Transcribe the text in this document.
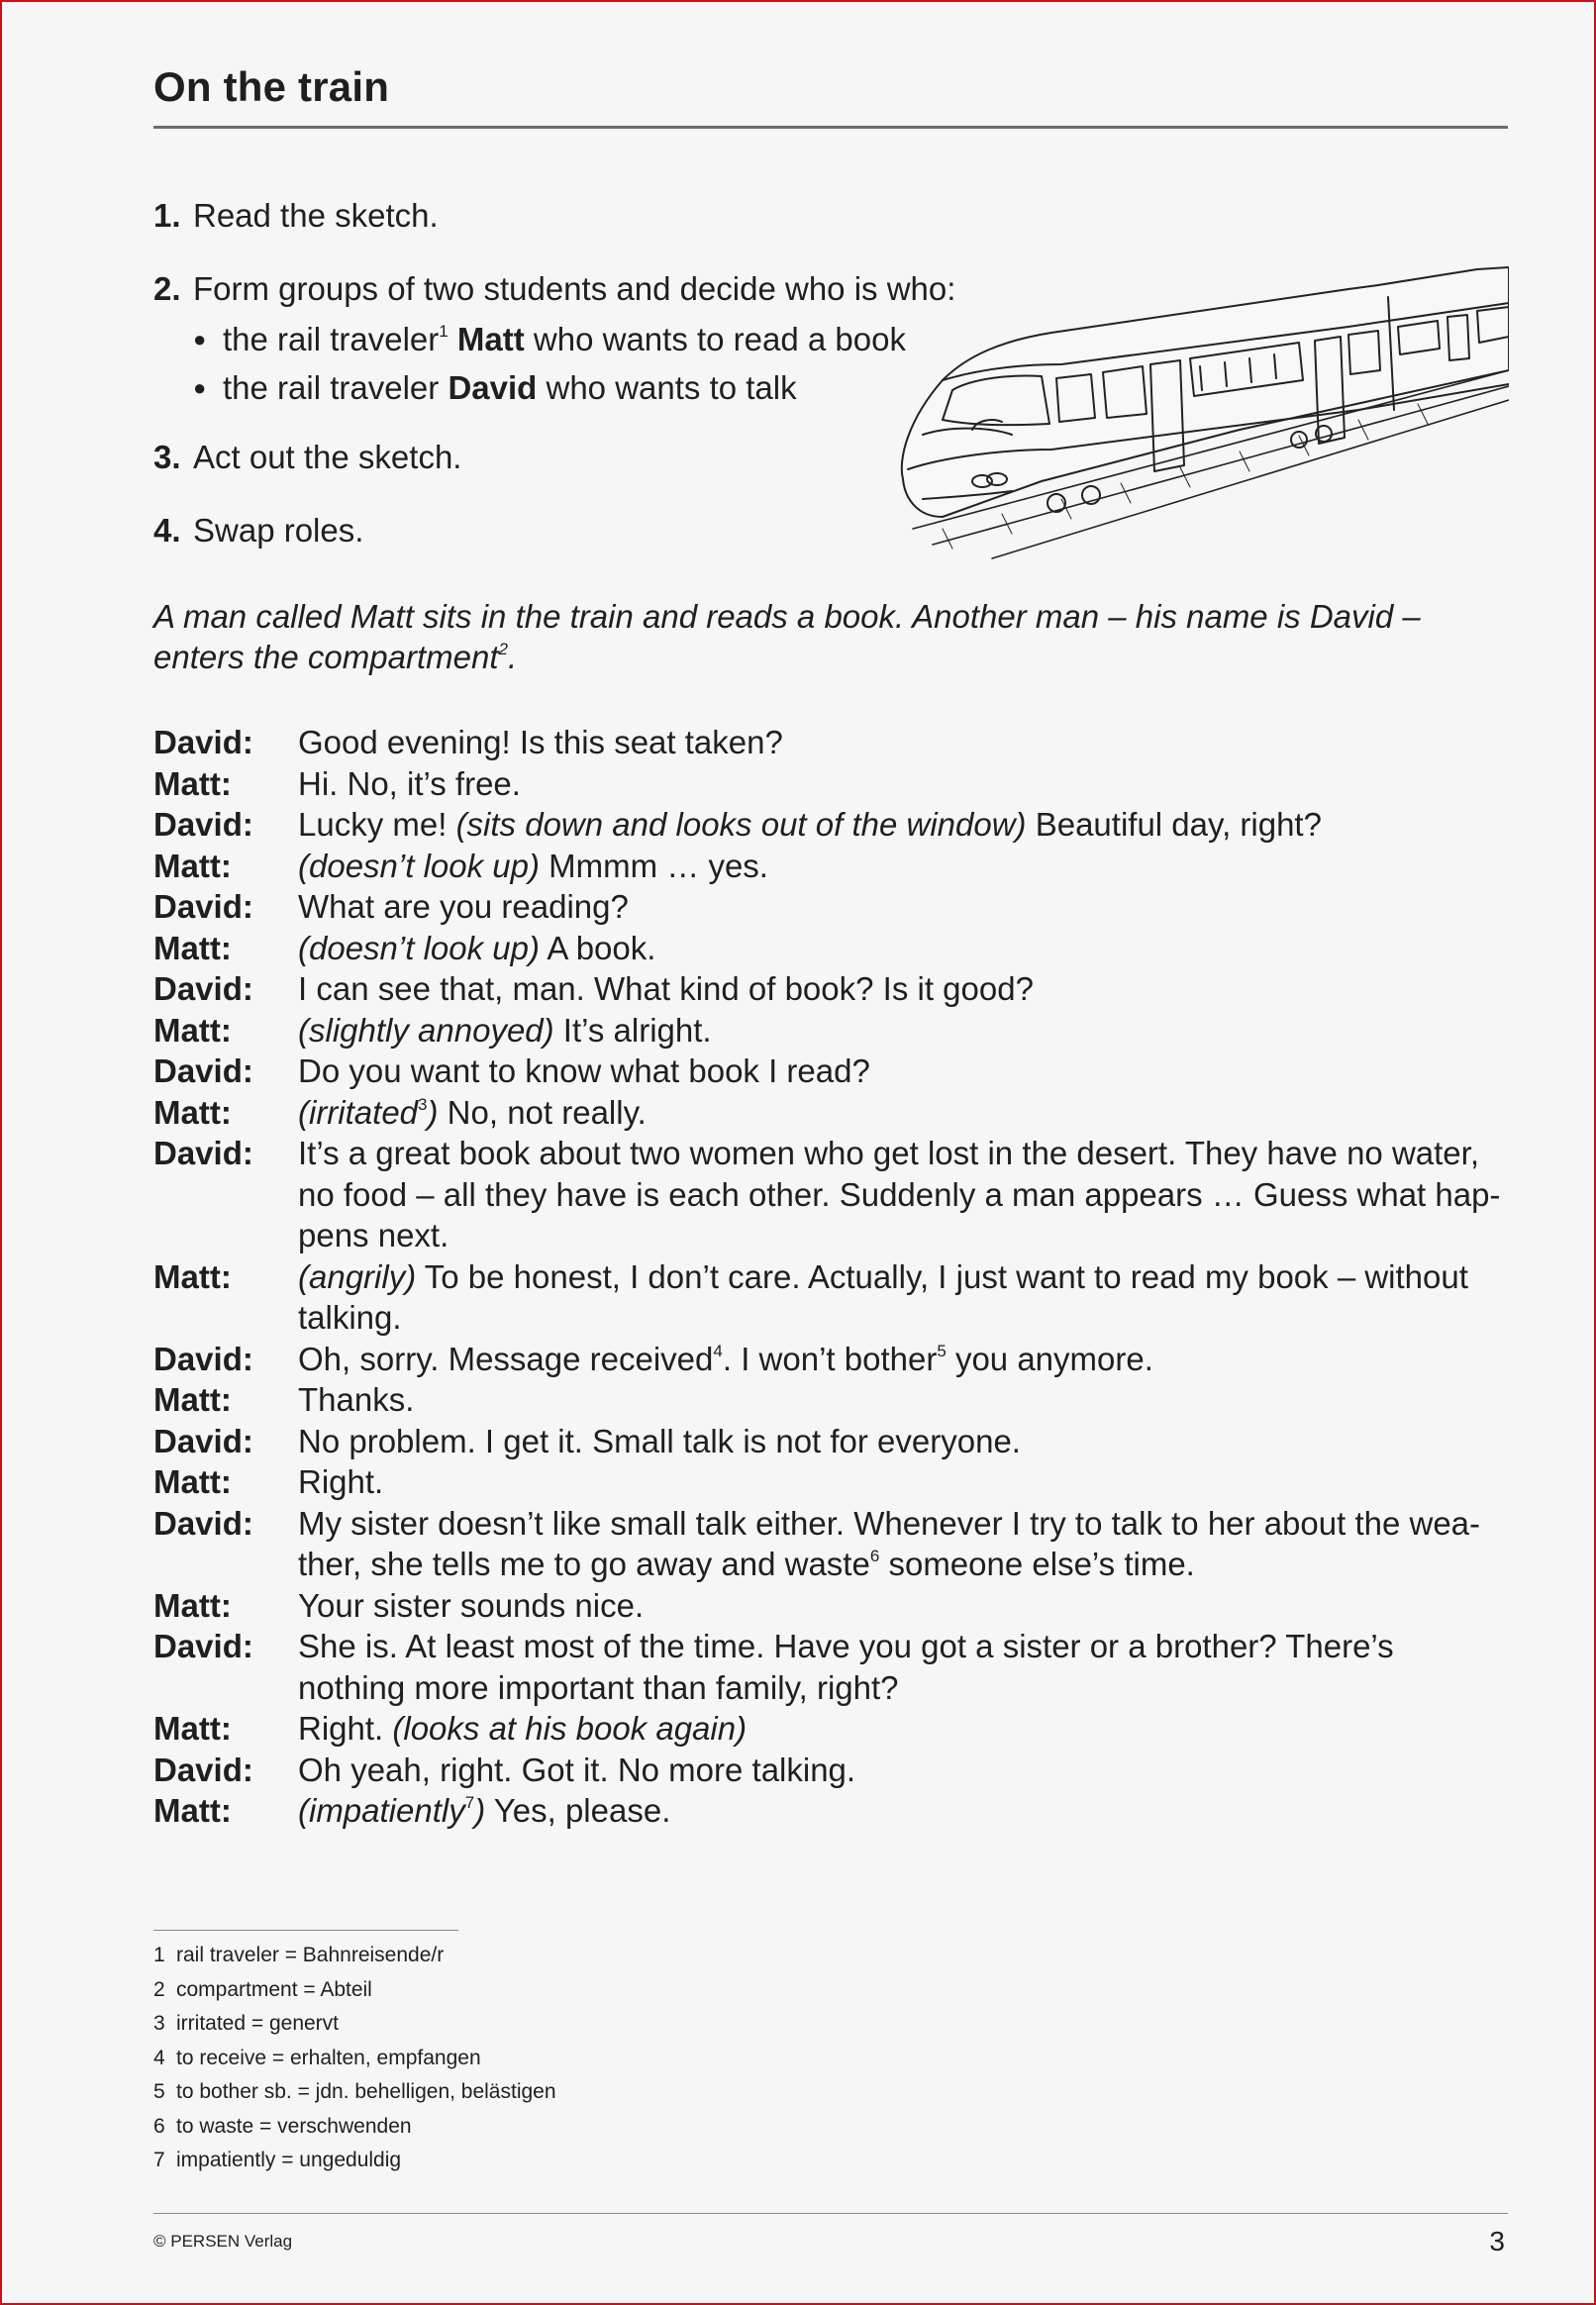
On the train
1. Read the sketch.
2. Form groups of two students and decide who is who:
● the rail traveler$^1$ Matt who wants to read a book
● the rail traveler David who wants to talk
3. Act out the sketch.
4. Swap roles.
A man called Matt sits in the train and reads a book. Another man – his name is David – enters the compartment$^2$.
David:	Good evening! Is this seat taken?
Matt:	Hi. No, it’s free.
David:	Lucky me! (sits down and looks out of the window) Beautiful day, right?
Matt:	(doesn’t look up) Mmmm … yes.
David:	What are you reading?
Matt:	(doesn’t look up) A book.
David:	I can see that, man. What kind of book? Is it good?
Matt:	(slightly annoyed) It’s alright.
David:	Do you want to know what book I read?
Matt:	(irritated$^3$) No, not really.
David:	It’s a great book about two women who get lost in the desert. They have no water, no food – all they have is each other. Suddenly a man appears … Guess what hap-pens next.
Matt:	(angrily) To be honest, I don’t care. Actually, I just want to read my book – without talking.
David:	Oh, sorry. Message received$^4$. I won’t bother$^5$ you anymore.
Matt:	Thanks.
David:	No problem. I get it. Small talk is not for everyone.
Matt:	Right.
David:	My sister doesn’t like small talk either. Whenever I try to talk to her about the wea-ther, she tells me to go away and waste$^6$ someone else’s time.
Matt:	Your sister sounds nice.
David:	She is. At least most of the time. Have you got a sister or a brother? There’s nothing more important than family, right?
Matt:	Right. (looks at his book again)
David:	Oh yeah, right. Got it. No more talking.
Matt:	(impatiently$^7$) Yes, please.
1 rail traveler = Bahnreisende/r
2 compartment = Abteil
3 irritated = genervt
4 to receive = erhalten, empfangen
5 to bother sb. = jdn. behelligen, belästigen
6 to waste = verschwenden
7 impatiently = ungeduldig
© PERSEN Verlag	3
